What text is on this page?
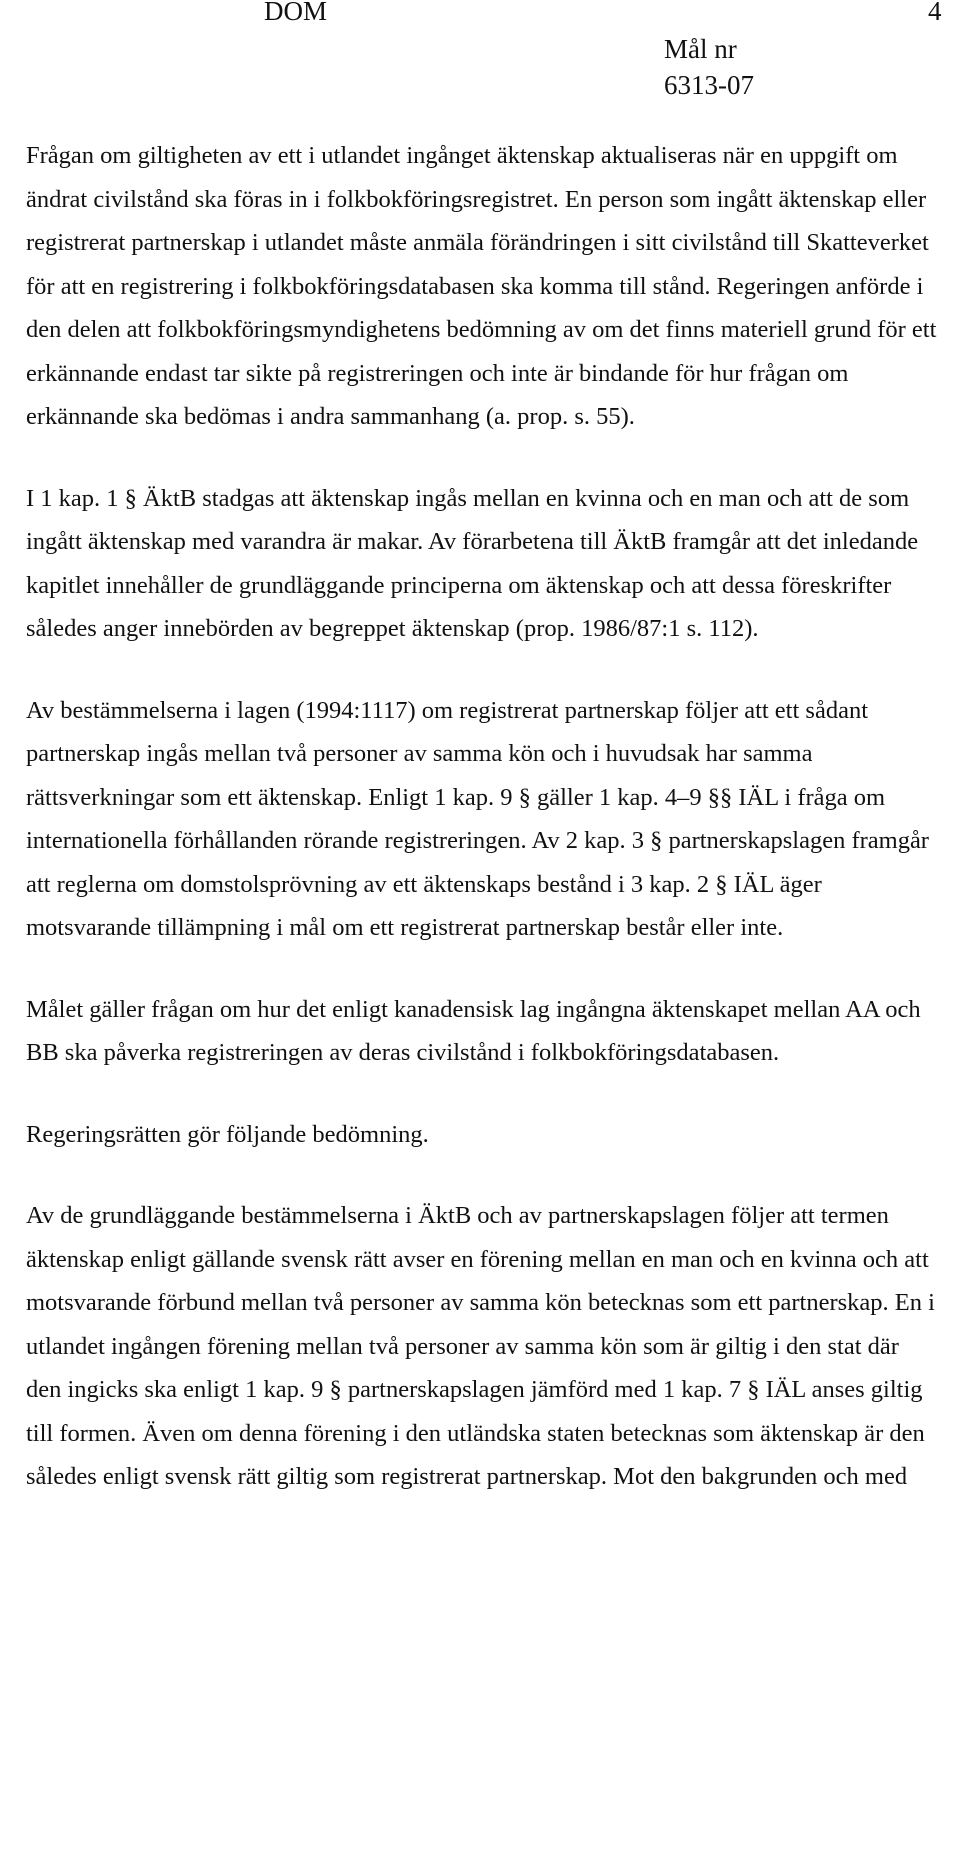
DOM
Mål nr
6313-07
4

Frågan om giltigheten av ett i utlandet ingånget äktenskap aktualiseras när en uppgift om ändrat civilstånd ska föras in i folkbokföringsregistret. En person som ingått äktenskap eller registrerat partnerskap i utlandet måste anmäla förändringen i sitt civilstånd till Skatteverket för att en registrering i folkbokföringsdatabasen ska komma till stånd. Regeringen anförde i den delen att folkbokföringsmyndighetens bedömning av om det finns materiell grund för ett erkännande endast tar sikte på registreringen och inte är bindande för hur frågan om erkännande ska bedömas i andra sammanhang (a. prop. s. 55).

I 1 kap. 1 § ÄktB stadgas att äktenskap ingås mellan en kvinna och en man och att de som ingått äktenskap med varandra är makar. Av förarbetena till ÄktB framgår att det inledande kapitlet innehåller de grundläggande principerna om äktenskap och att dessa föreskrifter således anger innebörden av begreppet äktenskap (prop. 1986/87:1 s. 112).

Av bestämmelserna i lagen (1994:1117) om registrerat partnerskap följer att ett sådant partnerskap ingås mellan två personer av samma kön och i huvudsak har samma rättsverkningar som ett äktenskap. Enligt 1 kap. 9 § gäller 1 kap. 4–9 §§ IÄL i fråga om internationella förhållanden rörande registreringen. Av 2 kap. 3 § partnerskapslagen framgår att reglerna om domstolsprövning av ett äktenskaps bestånd i 3 kap. 2 § IÄL äger motsvarande tillämpning i mål om ett registrerat partnerskap består eller inte.

Målet gäller frågan om hur det enligt kanadensisk lag ingångna äktenskapet mellan AA och BB ska påverka registreringen av deras civilstånd i folkbokföringsdatabasen.

Regeringsrätten gör följande bedömning.

Av de grundläggande bestämmelserna i ÄktB och av partnerskapslagen följer att termen äktenskap enligt gällande svensk rätt avser en förening mellan en man och en kvinna och att motsvarande förbund mellan två personer av samma kön betecknas som ett partnerskap. En i utlandet ingången förening mellan två personer av samma kön som är giltig i den stat där den ingicks ska enligt 1 kap. 9 § partnerskapslagen jämförd med 1 kap. 7 § IÄL anses giltig till formen. Även om denna förening i den utländska staten betecknas som äktenskap är den således enligt svensk rätt giltig som registrerat partnerskap. Mot den bakgrunden och med
